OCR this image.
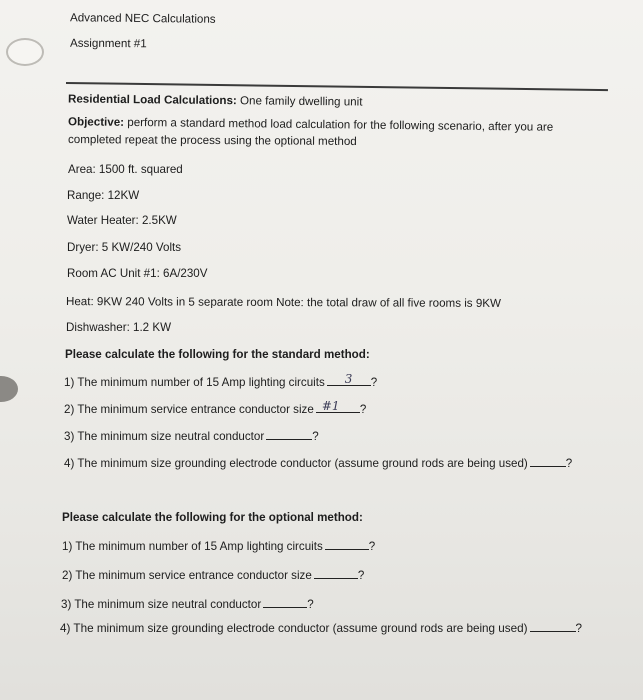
Advanced NEC Calculations
Assignment #1
Residential Load Calculations: One family dwelling unit
Objective: perform a standard method load calculation for the following scenario, after you are
completed repeat the process using the optional method
Area: 1500 ft. squared
Range: 12KW
Water Heater: 2.5KW
Dryer: 5 KW/240 Volts
Room AC Unit #1: 6A/230V
Heat: 9KW 240 Volts in 5 separate room Note: the total draw of all five rooms is 9KW
Dishwasher: 1.2 KW
Please calculate the following for the standard method:
1) The minimum number of 15 Amp lighting circuits 3 ?
2) The minimum service entrance conductor size #1 ?
3) The minimum size neutral conductor	?
4) The minimum size grounding electrode conductor (assume ground rods are being used)	?
Please calculate the following for the optional method:
1) The minimum number of 15 Amp lighting circuits	?
2) The minimum service entrance conductor size	?
3) The minimum size neutral conductor	?
4) The minimum size grounding electrode conductor (assume ground rods are being used)	?
